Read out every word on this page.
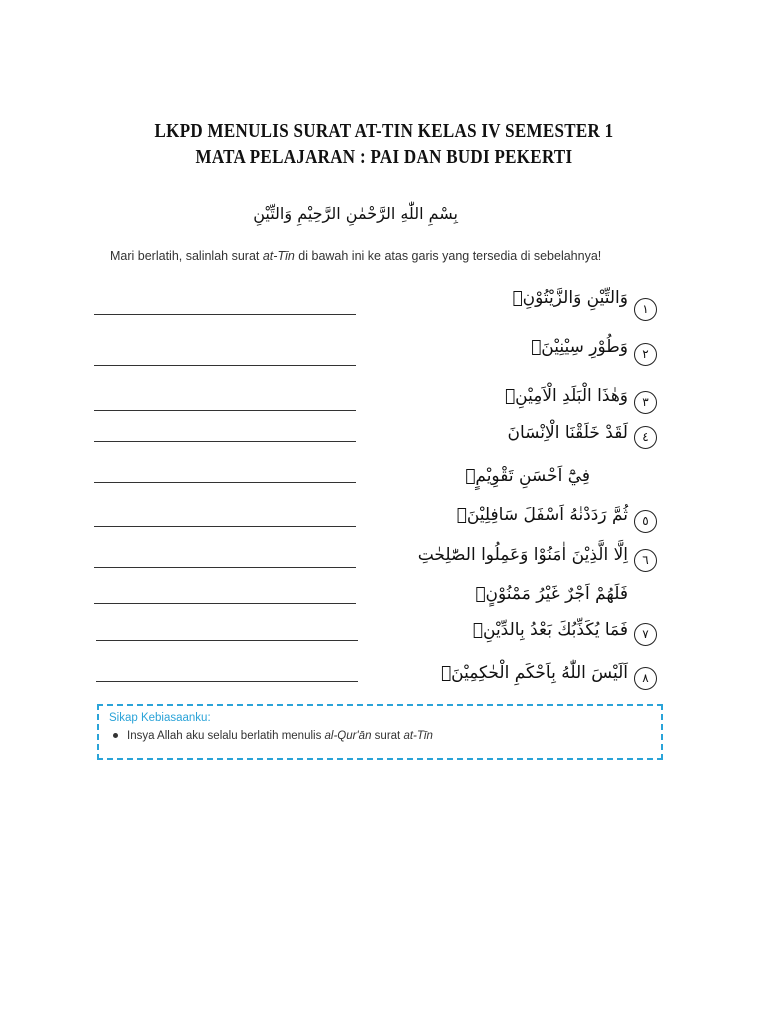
LKPD MENULIS SURAT AT-TIN KELAS IV SEMESTER 1
MATA PELAJARAN : PAI DAN BUDI PEKERTI
بِسْمِ اللّٰهِ الرَّحْمٰنِ الرَّحِيْمِ وَالتِّيْنِ
Mari berlatih, salinlah surat at-Tīn di bawah ini ke atas garis yang tersedia di sebelahnya!
وَالتِّيْنِ وَالزَّيْتُوْنِۙ
١
وَطُوْرِ سِيْنِيْنَۙ	٢
وَهٰذَا الْبَلَدِ الْاَمِيْنِۙ	٣
لَقَدْ خَلَقْنَا الْاِنْسَانَ	٤
فِيْٓ اَحْسَنِ تَقْوِيْمٍۖ
ثُمَّ رَدَدْنٰهُ اَسْفَلَ سَافِلِيْنَۙ	٥
اِلَّا الَّذِيْنَ اٰمَنُوْا وَعَمِلُوا الصّٰلِحٰتِ	٦
فَلَهُمْ اَجْرٌ غَيْرُ مَمْنُوْنٍۗ
فَمَا يُكَذِّبُكَ بَعْدُ بِالدِّيْنِۗ	٧
اَلَيْسَ اللّٰهُ بِاَحْكَمِ الْحٰكِمِيْنَࣖ	٨
Sikap Kebiasaanku:
Insya Allah aku selalu berlatih menulis al-Qur'ān surat at-Tīn
